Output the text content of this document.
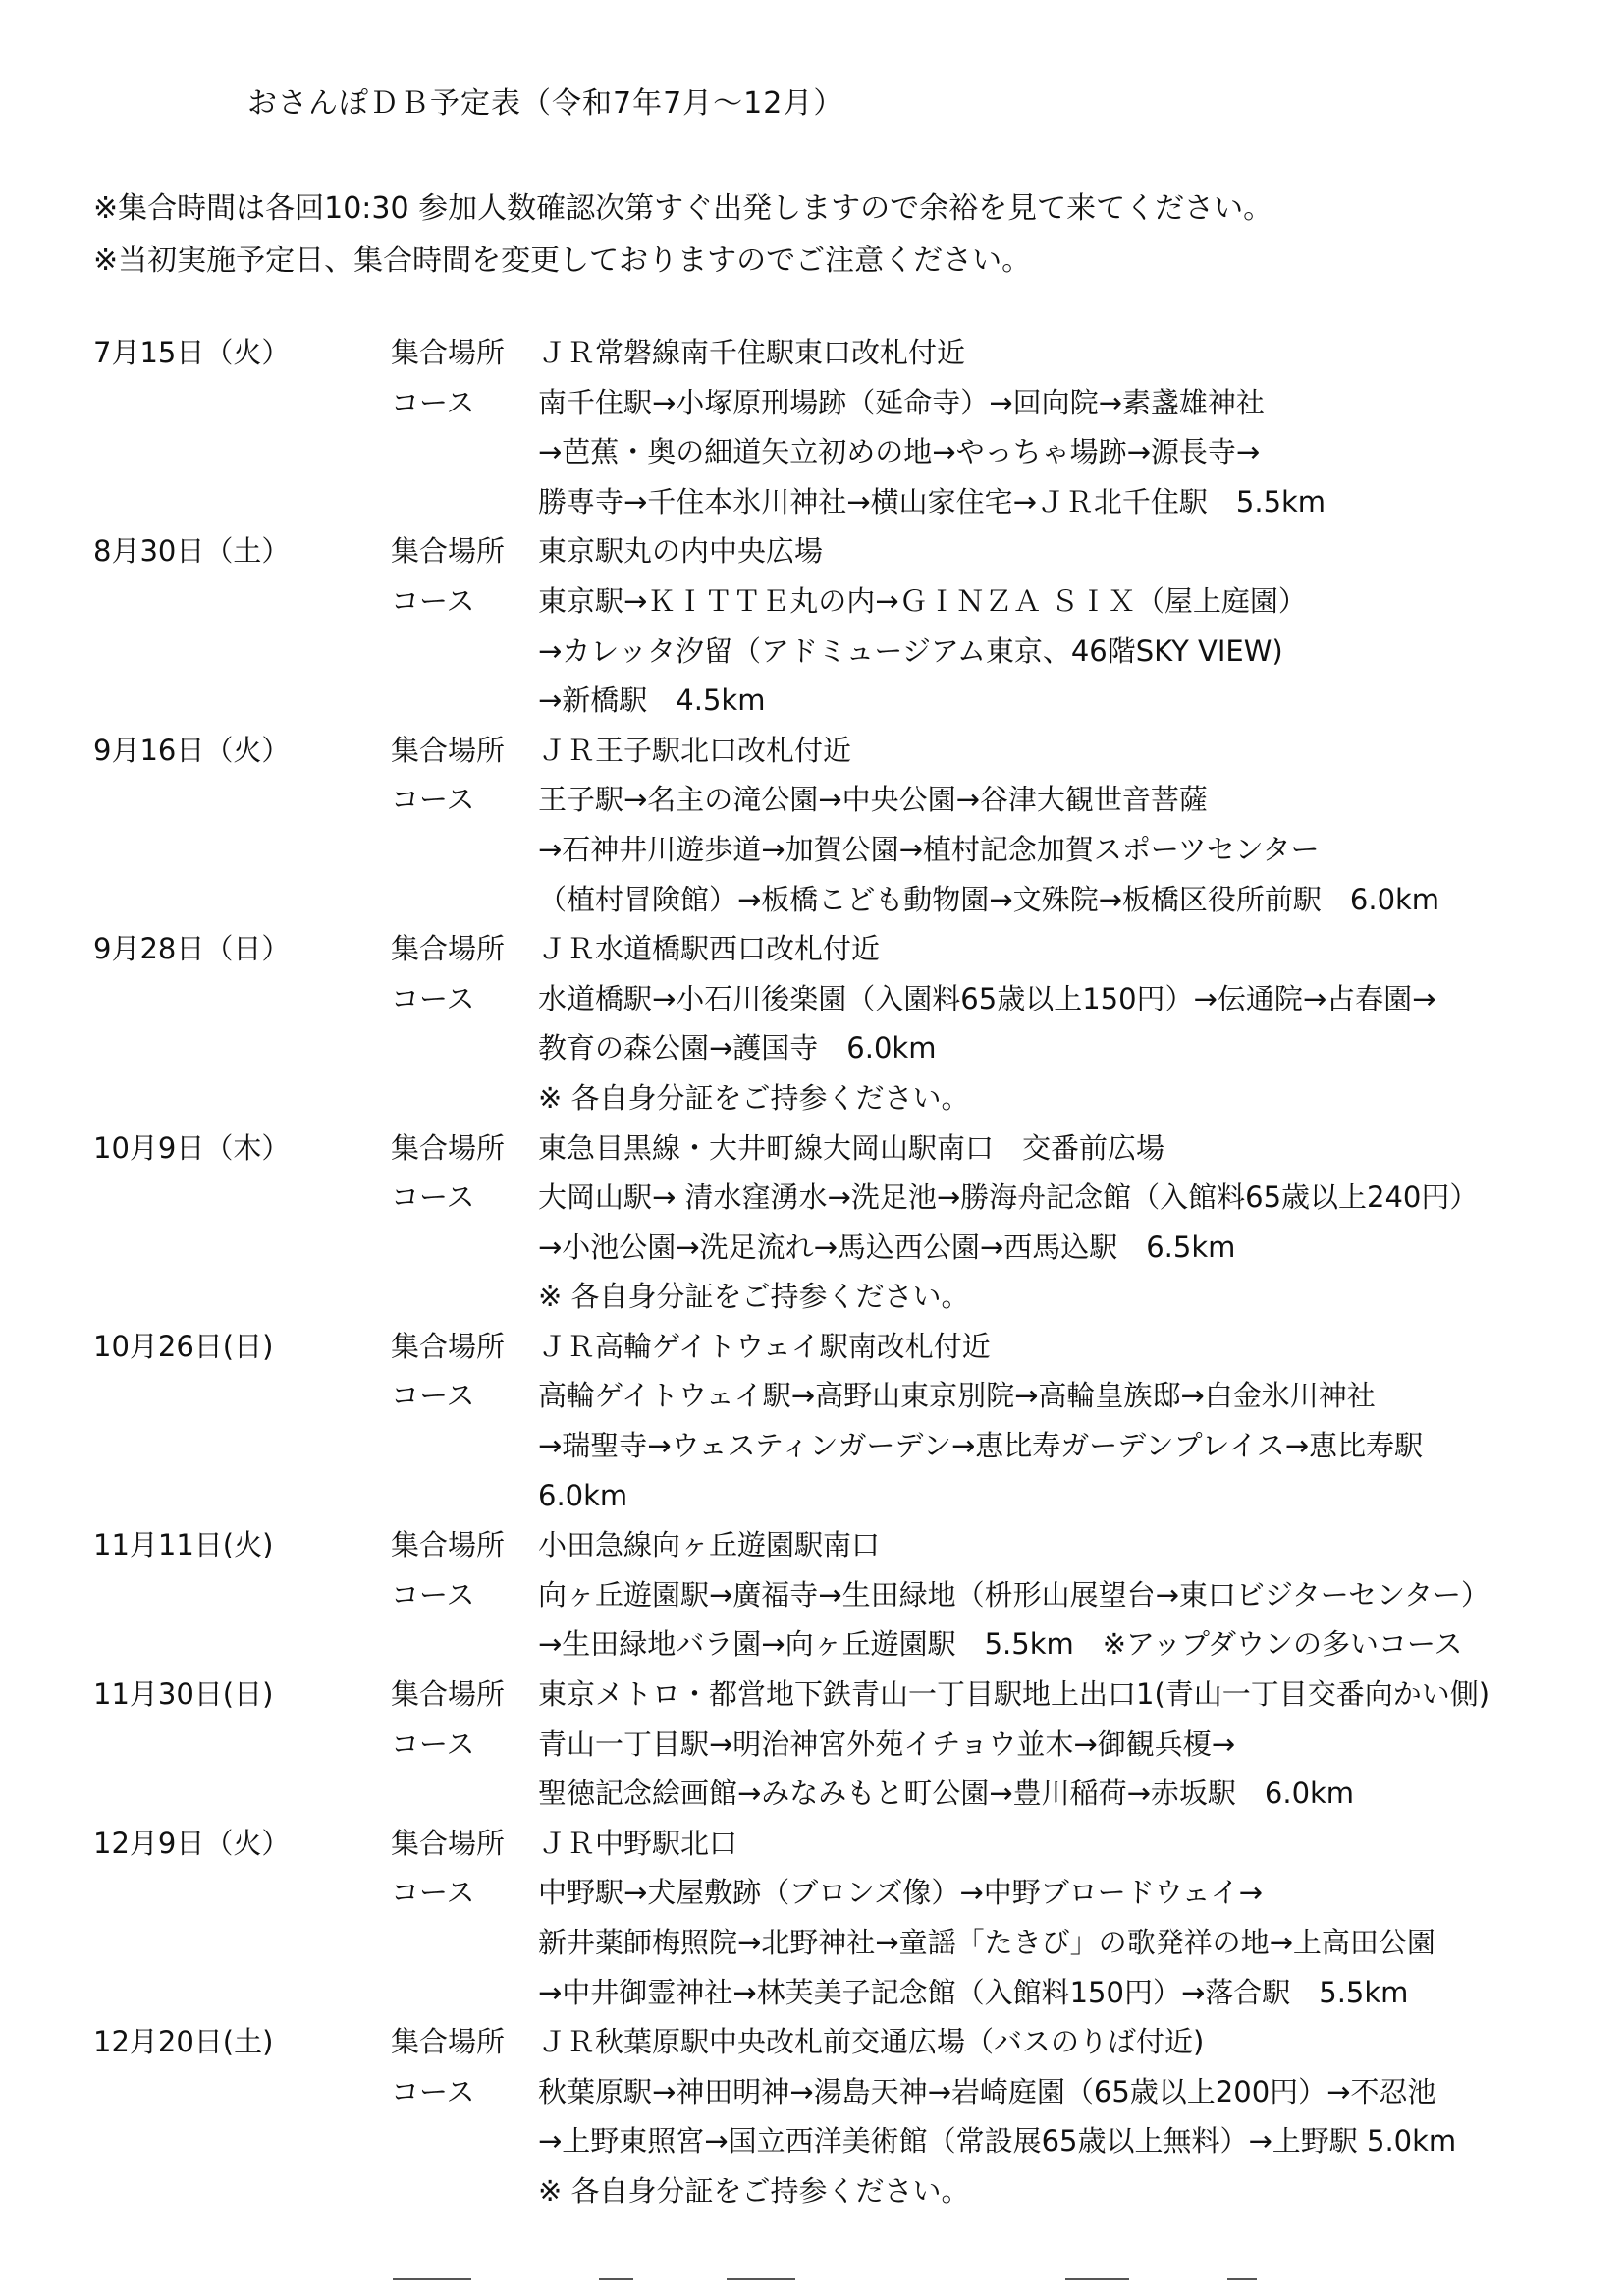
おさんぽＤＢ予定表（令和7年7月～12月）
※集合時間は各回10:30 参加人数確認次第すぐ出発しますので余裕を見て来てください。
※当初実施予定日、集合時間を変更しておりますのでご注意ください。
7月15日（火）	集合場所	ＪＲ常磐線南千住駅東口改札付近
コース	南千住駅→小塚原刑場跡（延命寺）→回向院→素盞雄神社
→芭蕉・奥の細道矢立初めの地→やっちゃ場跡→源長寺→
勝専寺→千住本氷川神社→横山家住宅→ＪＲ北千住駅　5.5km
8月30日（土）	集合場所	東京駅丸の内中央広場
コース	東京駅→ＫＩＴＴＥ丸の内→ＧＩＮＺＡ ＳＩＸ（屋上庭園）
→カレッタ汐留（アドミュージアム東京、46階SKY VIEW)
→新橋駅　4.5km
9月16日（火）	集合場所	ＪＲ王子駅北口改札付近
コース	王子駅→名主の滝公園→中央公園→谷津大観世音菩薩
→石神井川遊歩道→加賀公園→植村記念加賀スポーツセンター
（植村冒険館）→板橋こども動物園→文殊院→板橋区役所前駅　6.0km
9月28日（日）	集合場所	ＪＲ水道橋駅西口改札付近
コース	水道橋駅→小石川後楽園（入園料65歳以上150円）→伝通院→占春園→
教育の森公園→護国寺　6.0km
※ 各自身分証をご持参ください。
10月9日（木）	集合場所	東急目黒線・大井町線大岡山駅南口　交番前広場
コース	大岡山駅→ 清水窪湧水→洗足池→勝海舟記念館（入館料65歳以上240円）
→小池公園→洗足流れ→馬込西公園→西馬込駅　6.5km
※ 各自身分証をご持参ください。
10月26日(日)	集合場所	ＪＲ高輪ゲイトウェイ駅南改札付近
コース	高輪ゲイトウェイ駅→高野山東京別院→高輪皇族邸→白金氷川神社
→瑞聖寺→ウェスティンガーデン→恵比寿ガーデンプレイス→恵比寿駅
6.0km
11月11日(火)	集合場所	小田急線向ヶ丘遊園駅南口
コース	向ヶ丘遊園駅→廣福寺→生田緑地（枡形山展望台→東口ビジターセンター）
→生田緑地バラ園→向ヶ丘遊園駅　5.5km　※アップダウンの多いコース
11月30日(日)	集合場所	東京メトロ・都営地下鉄青山一丁目駅地上出口1(青山一丁目交番向かい側)
コース	青山一丁目駅→明治神宮外苑イチョウ並木→御観兵榎→
聖徳記念絵画館→みなみもと町公園→豊川稲荷→赤坂駅　6.0km
12月9日（火）	集合場所	ＪＲ中野駅北口
コース	中野駅→犬屋敷跡（ブロンズ像）→中野ブロードウェイ→
新井薬師梅照院→北野神社→童謡「たきび」の歌発祥の地→上高田公園
→中井御霊神社→林芙美子記念館（入館料150円）→落合駅　5.5km
12月20日(土)	集合場所	ＪＲ秋葉原駅中央改札前交通広場（バスのりば付近)
コース	秋葉原駅→神田明神→湯島天神→岩崎庭園（65歳以上200円）→不忍池
→上野東照宮→国立西洋美術館（常設展65歳以上無料）→上野駅 5.0km
※ 各自身分証をご持参ください。
